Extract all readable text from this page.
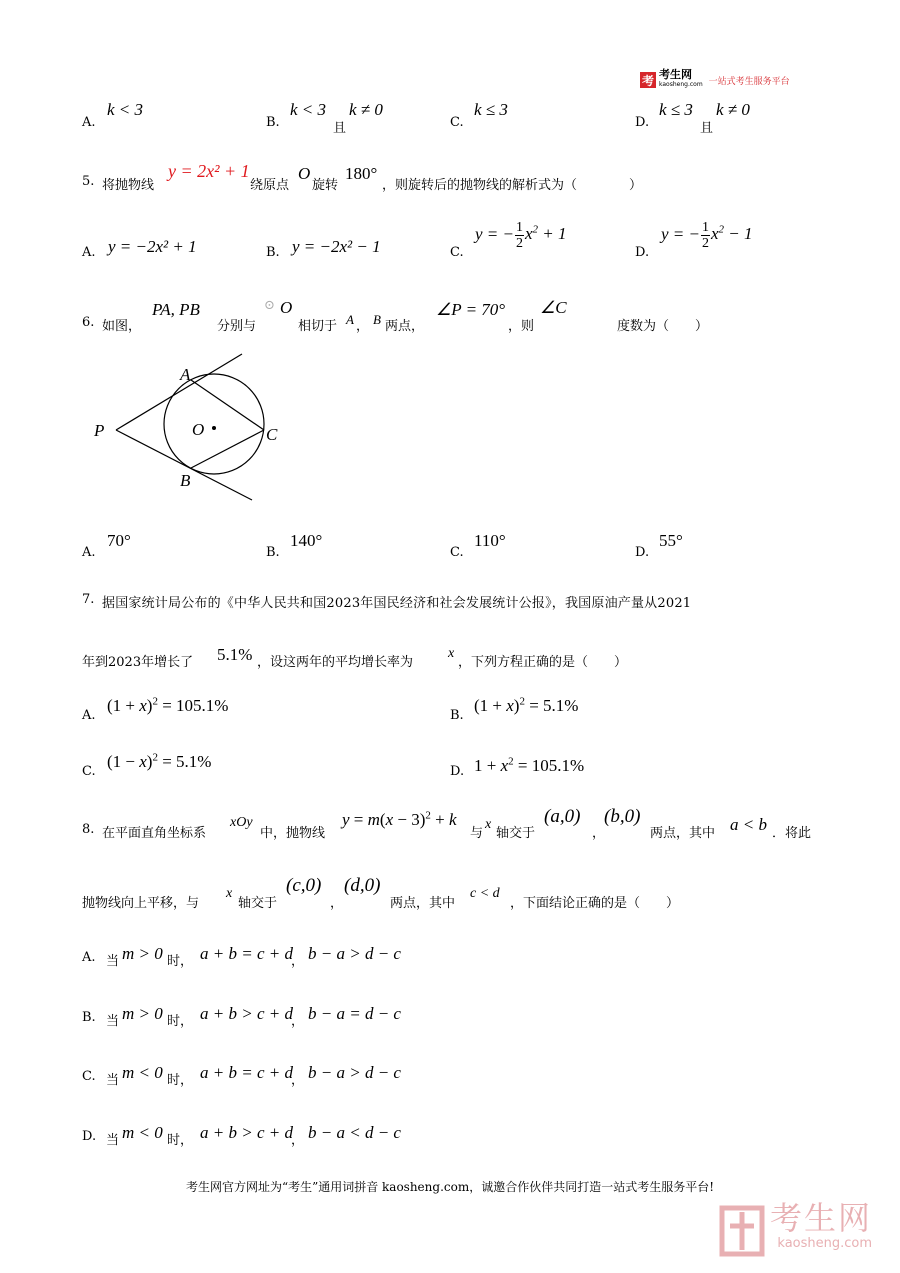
考 考生网
kaosheng.com 一站式考生服务平台
A.
k < 3
B.
k < 3
且
k ≠ 0
C.
k ≤ 3
D.
k ≤ 3
且
k ≠ 0
5. 将抛物线
y = 2x² + 1
绕原点
O
旋转
180°
，则旋转后的抛物线的解析式为（　　　　）
A. y = −2x² + 1	B. y = −2x² − 1	C.
y = − $\frac{1}{2} x^2 + 1$
D.
y = − $\frac{1}{2} x^2 - 1$
6. 如图，
PA, PB
分别与
⊙ O
相切于 A ， B 两点，
∠P = 70°
，则
∠C
度数为（　　）
P
A
B
C
O
A.
70°
B.
140°
C.
110°
D.
55°
7. 据国家统计局公布的《中华人民共和国2023年国民经济和社会发展统计公报》，我国原油产量从2021
年到2023年增长了 5.1% ，设这两年的平均增长率为
x
，下列方程正确的是（　　）
A.
$(1 + x)^2 = 105.1\%$
B.
$(1 + x)^2 = 5.1\%$
C.
$(1 - x)^2 = 5.1\%$
D. $1 + x^2 = 105.1\%$
8. 在平面直角坐标系
xOy
中，抛物线
$y = m(x - 3)^2 + k$
与
x
轴交于
(a,0)
，
(b,0)
两点，其中 a < b ．将此
抛物线向上平移，与
x
轴交于
(c,0)
，
(d,0)
两点，其中
c < d
，下面结论正确的是（　　）
A. 当 m > 0 时， a + b = c + d
， b − a > d − c
B. 当 m > 0 时， a + b > c + d
， b − a = d − c
C. 当 m < 0 时， a + b = c + d
， b − a > d − c
D. 当 m < 0 时， a + b > c + d
， b − a < d − c
考生网官方网址为“考生”通用词拼音 kaosheng.com，诚邀合作伙伴共同打造一站式考生服务平台!
考生网
kaosheng.com
